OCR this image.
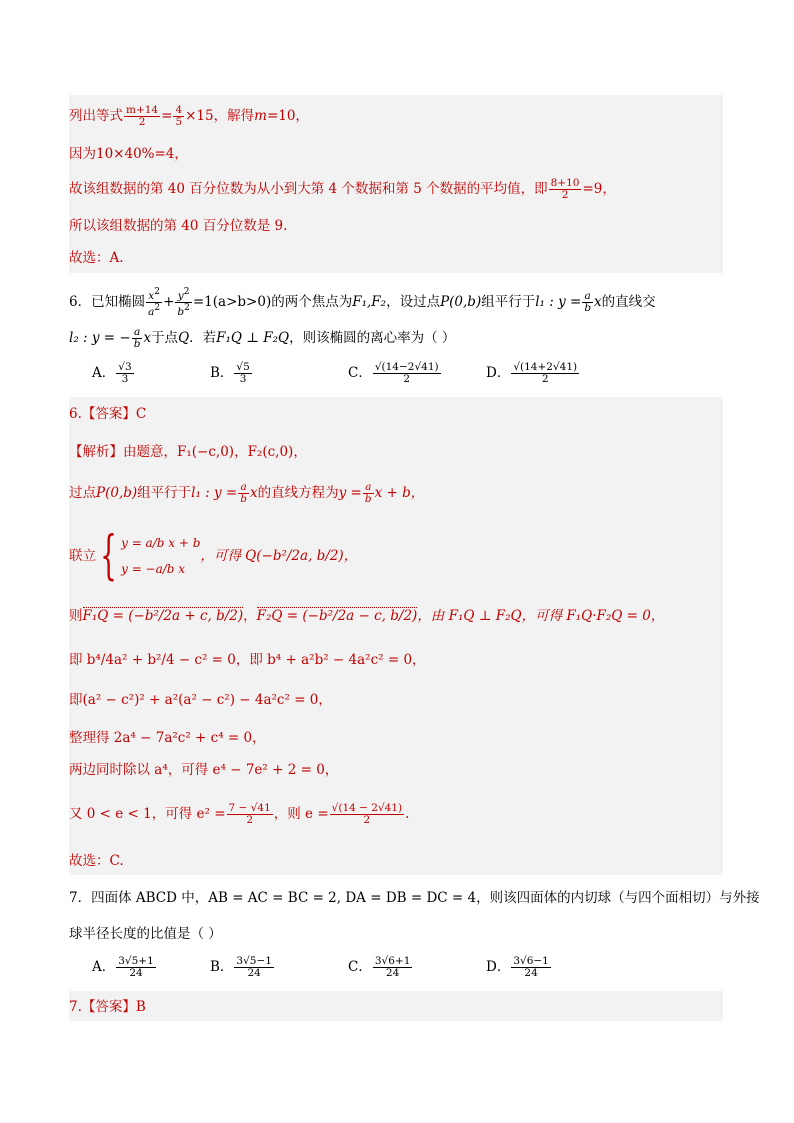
列出等式 $\frac{m+14}{2} = \frac{4}{5} \times 15$，解得m=10，
因为10×40%=4，
故该组数据的第 40 百分位数为从小到大第 4 个数据和第 5 个数据的平均值，即 $\frac{8+10}{2} =9$，
所以该组数据的第 40 百分位数是 9.
故选：A.
6．已知椭圆 $\frac{x2}{a2} + \frac{y2}{b2} =1(a>b>0)$的两个焦点为F₁,F₂，设过点P(0,b)组平行于l₁ : $y = \frac{a}{b}$ x的直线交
l₂ : y = − $\frac{a}{b}$ x于点Q．若F₁Q ⊥ F₂Q，则该椭圆的离心率为（ ）
A． $\frac{√3}{3}$	B． $\frac{√5}{3}$	C． $\frac{√(14-2√41)}{2}$	D． $\frac{√(14+2√41)}{2}$
6.【答案】C
【解析】由题意，F₁(−c,0)，F₂(c,0)，
过点P(0,b)组平行于l₁ : $y = \frac{a}{b}$ x的直线方程为$y = \frac{a}{b}$ x + b，
联立{ y = a/b x + b
y = −a/b x
，可得 Q(−b²/2a, b/2)，
则F₁Q = (−b²/2a + c, b/2)，F₂Q = (−b²/2a − c, b/2)，由 F₁Q ⊥ F₂Q，可得 F₁Q·F₂Q = 0，
即 b⁴/4a² + b²/4 − c² = 0，即 b⁴ + a²b² − 4a²c² = 0，
即(a² − c²)² + a²(a² − c²) − 4a²c² = 0，
整理得 2a⁴ − 7a²c² + c⁴ = 0，
两边同时除以 a⁴，可得 e⁴ − 7e² + 2 = 0，
又 0 < e < 1，可得 $e^2 = \frac{7 - √41}{2}$ ，则 $e = \frac{√(14 - 2√41)}{2}$ .
故选：C.
7．四面体 ABCD 中，AB = AC = BC = 2, DA = DB = DC = 4，则该四面体的内切球（与四个面相切）与外接
球半径长度的比值是（ ）
A． $\frac{3√5+1}{24}$	B． $\frac{3√5-1}{24}$	C． $\frac{3√6+1}{24}$	D． $\frac{3√6-1}{24}$
7.【答案】B
